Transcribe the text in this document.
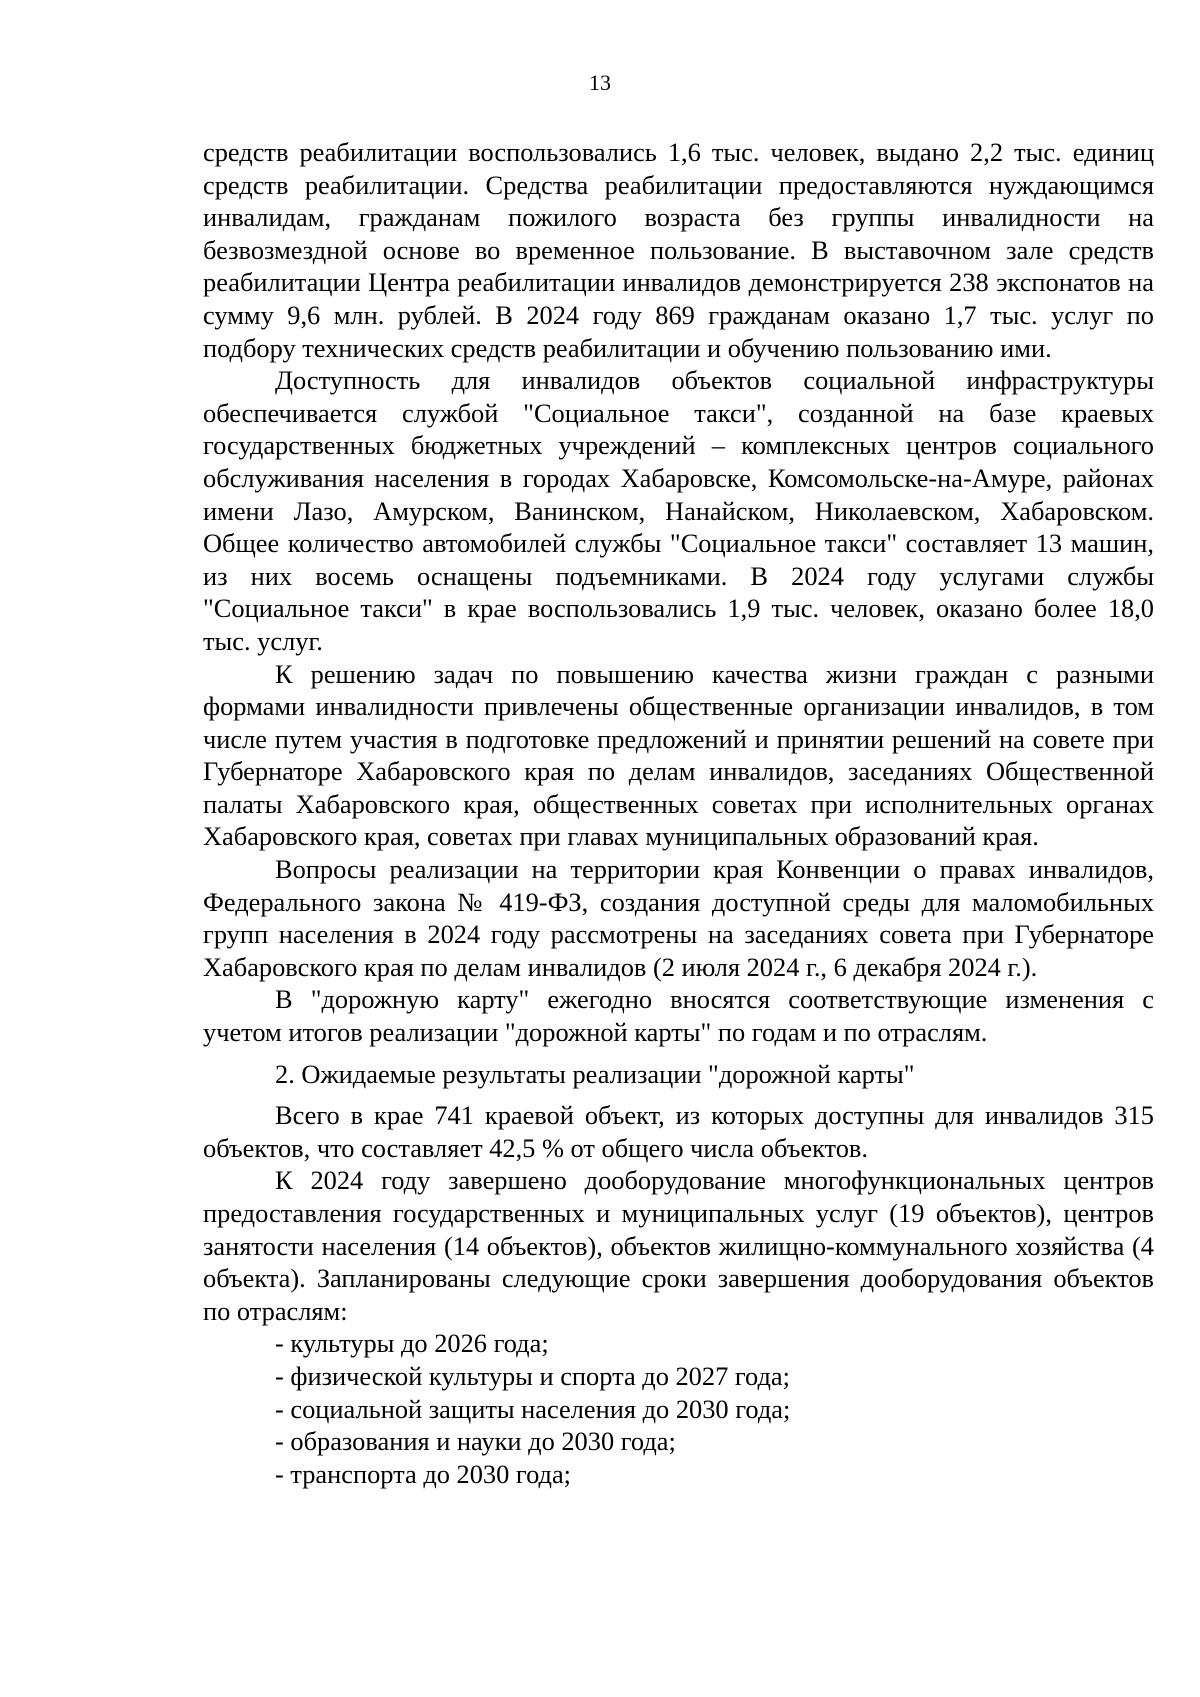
13

средств реабилитации воспользовались 1,6 тыс. человек, выдано 2,2 тыс. единиц средств реабилитации. Средства реабилитации предоставляются нуждающимся инвалидам, гражданам пожилого возраста без группы инвалидности на безвозмездной основе во временное пользование. В выставочном зале средств реабилитации Центра реабилитации инвалидов демонстрируется 238 экспонатов на сумму 9,6 млн. рублей. В 2024 году 869 гражданам оказано 1,7 тыс. услуг по подбору технических средств реабилитации и обучению пользованию ими.

Доступность для инвалидов объектов социальной инфраструктуры обеспечивается службой "Социальное такси", созданной на базе краевых государственных бюджетных учреждений – комплексных центров социального обслуживания населения в городах Хабаровске, Комсомольске-на-Амуре, районах имени Лазо, Амурском, Ванинском, Нанайском, Николаевском, Хабаровском. Общее количество автомобилей службы "Социальное такси" составляет 13 машин, из них восемь оснащены подъемниками. В 2024 году услугами службы "Социальное такси" в крае воспользовались 1,9 тыс. человек, оказано более 18,0 тыс. услуг.

К решению задач по повышению качества жизни граждан с разными формами инвалидности привлечены общественные организации инвалидов, в том числе путем участия в подготовке предложений и принятии решений на совете при Губернаторе Хабаровского края по делам инвалидов, заседаниях Общественной палаты Хабаровского края, общественных советах при исполнительных органах Хабаровского края, советах при главах муниципальных образований края.

Вопросы реализации на территории края Конвенции о правах инвалидов, Федерального закона № 419-ФЗ, создания доступной среды для маломобильных групп населения в 2024 году рассмотрены на заседаниях совета при Губернаторе Хабаровского края по делам инвалидов (2 июля 2024 г., 6 декабря 2024 г.).

В "дорожную карту" ежегодно вносятся соответствующие изменения с учетом итогов реализации "дорожной карты" по годам и по отраслям.

2. Ожидаемые результаты реализации "дорожной карты"

Всего в крае 741 краевой объект, из которых доступны для инвалидов 315 объектов, что составляет 42,5 % от общего числа объектов.

К 2024 году завершено дооборудование многофункциональных центров предоставления государственных и муниципальных услуг (19 объектов), центров занятости населения (14 объектов), объектов жилищно-коммунального хозяйства (4 объекта). Запланированы следующие сроки завершения дооборудования объектов по отраслям:

- культуры до 2026 года;

- физической культуры и спорта до 2027 года;

- социальной защиты населения до 2030 года;

- образования и науки до 2030 года;

- транспорта до 2030 года;
